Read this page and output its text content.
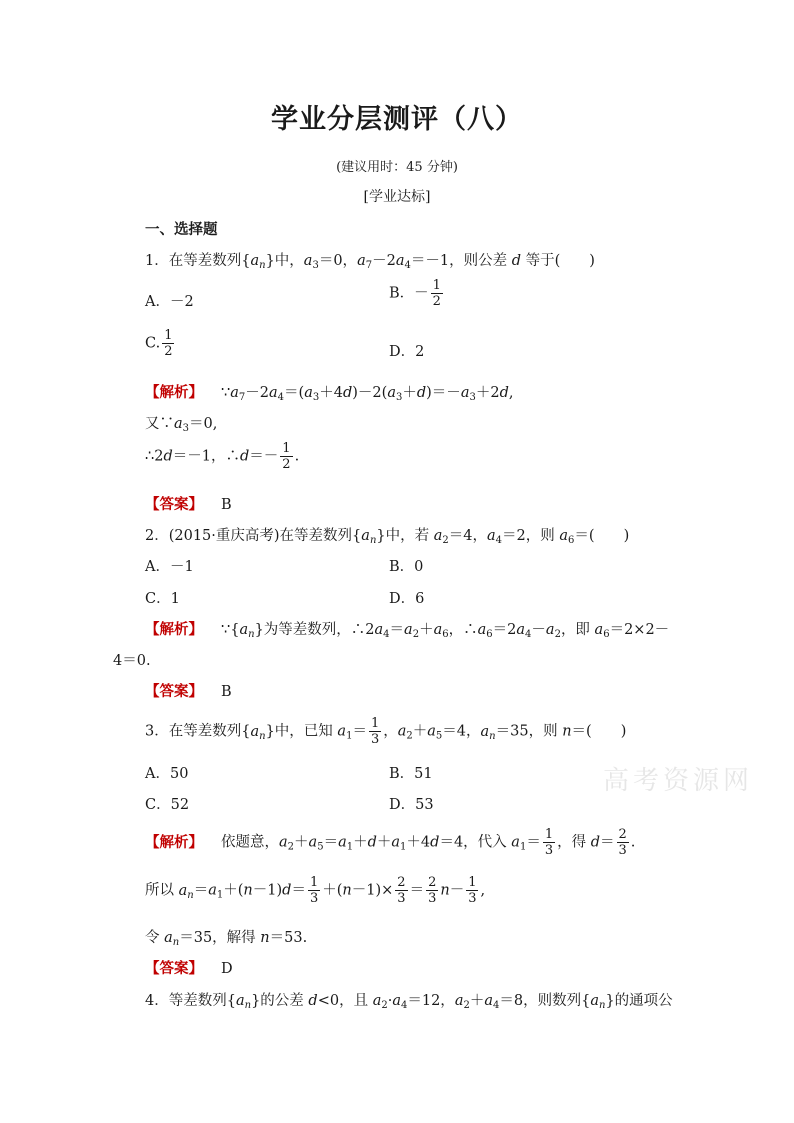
学业分层测评（八）
(建议用时：45 分钟)
[学业达标]
一、选择题
1．在等差数列$\{a_n\}$中，$a_3=0$，$a_7-2a_4=-1$，则公差 d 等于(　　)
A．－2
B．－ $\frac{1}{2}$
C. $\frac{1}{2}$	D．2
【解析】 $\because a_7-2a_4=(a_3+4d)-2(a_3+d)=-a_3+2d$,
又$\because a_3=0$,
∴2d＝－1，∴d＝－ $\frac{1}{2}$ .
【答案】 B
2．(2015·重庆高考)在等差数列$\{a_n\}$中，若 $a_2=4$，$a_4=2$，则 $a_6=$(　　)
A．－1	B．0
C．1	D．6
【解析】 $\because\{a_n\}$为等差数列，$\therefore 2a_4=a_2+a_6$，$\therefore a_6=2a_4-a_2$，即 $a_6=2\times 2-$
4＝0.
【答案】 B
3．在等差数列$\{a_n\}$中，已知 $a_1= \frac{1}{3}$ ，$a_2+a_5=4$，$a_n=35$，则 n＝(　　)
A．50	B．51
C．52	D．53
【解析】 依题意，$a_2+a_5=a_1+d+a_1+4d=4$，代入 $a_1= \frac{1}{3}$ ，得 $d= \frac{2}{3}$ .
所以 $a_n=a_1+(n-1)d= \frac{1}{3} +(n-1)\times \frac{2}{3} = \frac{2}{3} n- \frac{1}{3}$ ,
令 $a_n=35$，解得 n＝53.
【答案】 D
4．等差数列$\{a_n\}$的公差 d<0，且 $a_2\cdot a_4=12$，$a_2+a_4=8$，则数列$\{a_n\}$的通项公
高考资源网
